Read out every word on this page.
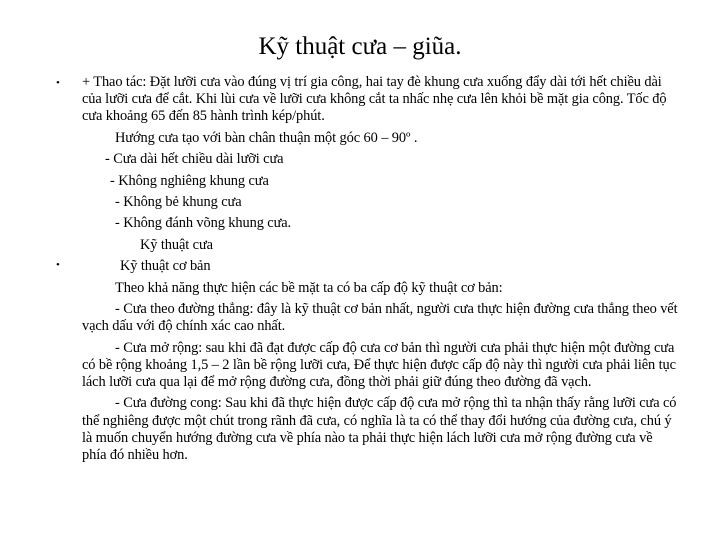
Kỹ thuật cưa – giũa.
•
•

+ Thao tác: Đặt lưỡi cưa vào đúng vị trí gia công, hai tay đè khung cưa xuống đẩy dài tới hết chiều dài của lưỡi cưa để cắt. Khi lùi cưa về lưỡi cưa không cắt ta nhấc nhẹ cưa lên khỏi bề mặt gia công. Tốc độ cưa khoảng 65 đến 85 hành trình kép/phút.

Hướng cưa tạo với bàn chân thuận một góc 60 – 90º .

- Cưa dài hết chiều dài lưỡi cưa

- Không nghiêng khung cưa

- Không bẻ khung cưa

- Không đánh võng khung cưa.

Kỹ thuật cưa

Kỹ thuật cơ bản

Theo khả năng thực hiện các bề mặt ta có ba cấp độ kỹ thuật cơ bản:

- Cưa theo đường thẳng: đây là kỹ thuật cơ bản nhất, người cưa thực hiện đường cưa thẳng theo vết vạch dấu với độ chính xác cao nhất.

- Cưa mở rộng: sau khi đã đạt được cấp độ cưa cơ bản thì người cưa phải thực hiện một đường cưa có bề rộng khoảng 1,5 – 2 lần bề rộng lưỡi cưa, Để thực hiện được cấp độ này thì người cưa phải liên tục lách lưỡi cưa qua lại để mở rộng đường cưa, đồng thời phải giữ đúng theo đường đã vạch.

- Cưa đường cong: Sau khi đã thực hiện được cấp độ cưa mở rộng thì ta nhận thấy rằng lưỡi cưa có thể nghiêng được một chút trong rãnh đã cưa, có nghĩa là ta có thể thay đổi hướng của đường cưa, chú ý là muốn chuyển hướng đường cưa về phía nào ta phải thực hiện lách lưỡi cưa mở rộng đường cưa về phía đó nhiều hơn.
